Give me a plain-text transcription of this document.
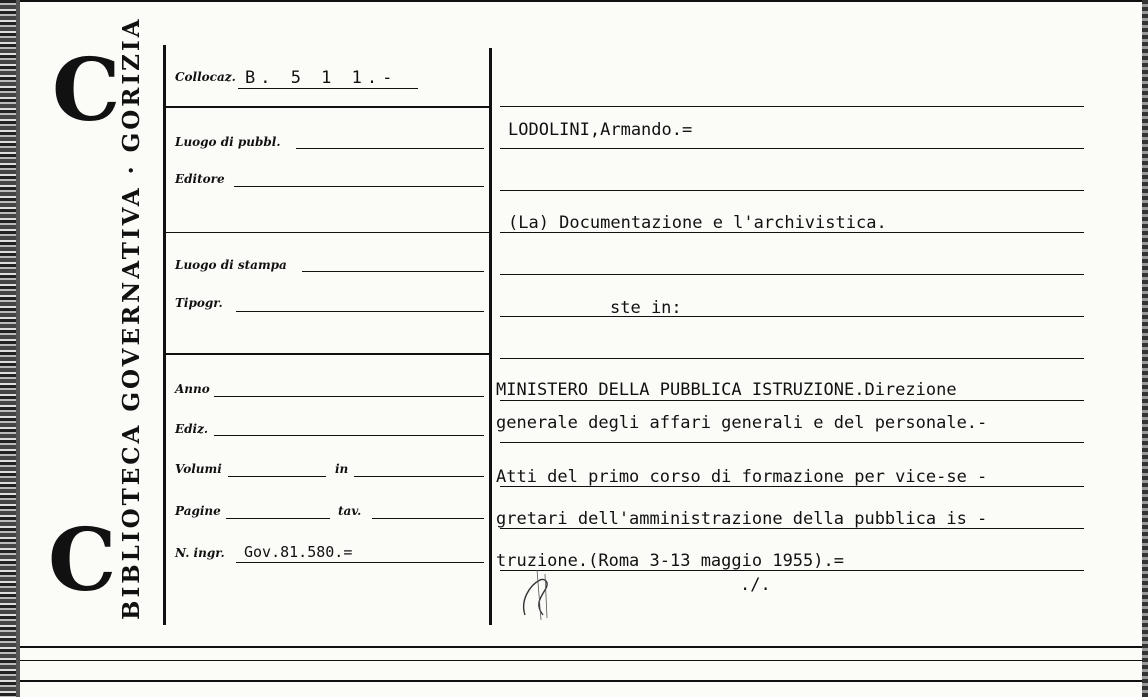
C
C BIBLIOTECA GOVERNATIVA · GORIZIA	Collocaz. B. 5 1 1.-
Luogo di pubbl.
Editore
Luogo di stampa
Tipogr.
Anno
Ediz.
Volumi	in
Pagine	tav.
N. ingr. Gov.81.580.=
LODOLINI,Armando.=
(La) Documentazione e l'archivistica.
ste in:
MINISTERO DELLA PUBBLICA ISTRUZIONE.Direzione
generale degli affari generali e del personale.-
Atti del primo corso di formazione per vice-se -
gretari dell'amministrazione della pubblica is -
truzione.(Roma 3-13 maggio 1955).=
./.
